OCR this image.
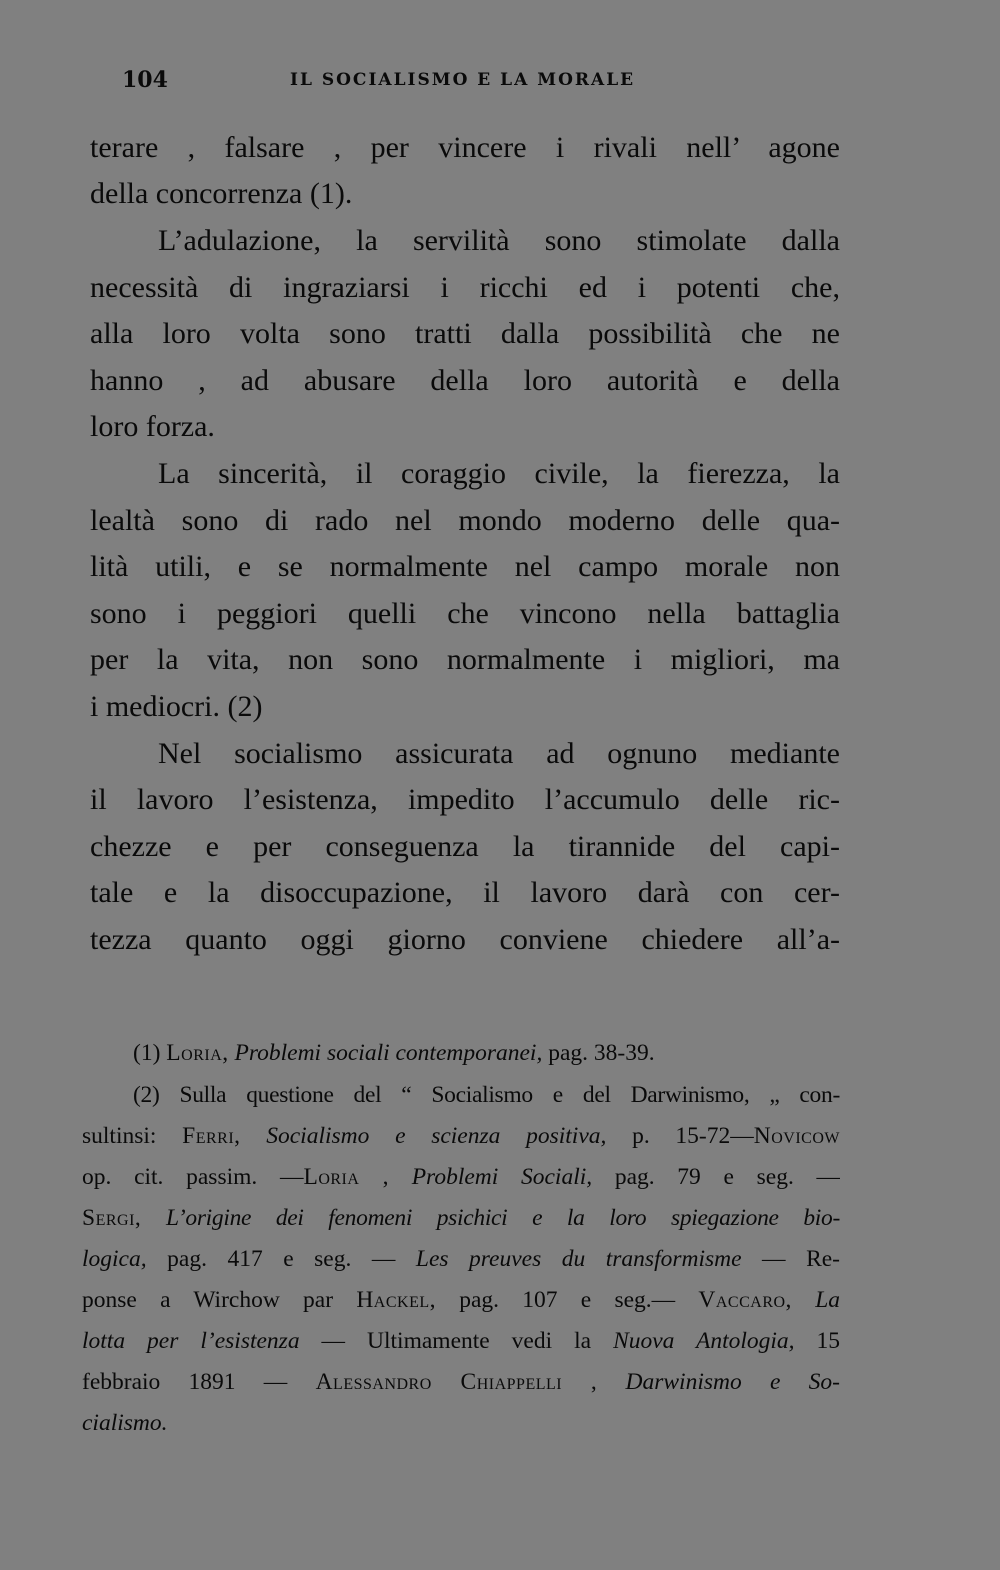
104	IL SOCIALISMO E LA MORALE
terare , falsare , per vincere i rivali nell’ agone
della concorrenza (1).
L’adulazione, la servilità sono stimolate dalla
necessità di ingraziarsi i ricchi ed i potenti che,
alla loro volta sono tratti dalla possibilità che ne
hanno , ad abusare della loro autorità e della
loro forza.
La sincerità, il coraggio civile, la fierezza, la
lealtà sono di rado nel mondo moderno delle qua-
lità utili, e se normalmente nel campo morale non
sono i peggiori quelli che vincono nella battaglia
per la vita, non sono normalmente i migliori, ma
i mediocri. (2)
Nel socialismo assicurata ad ognuno mediante
il lavoro l’esistenza, impedito l’accumulo delle ric-
chezze e per conseguenza la tirannide del capi-
tale e la disoccupazione, il lavoro darà con cer-
tezza quanto oggi giorno conviene chiedere all’a-
(1) Loria, Problemi sociali contemporanei, pag. 38-39.
(2) Sulla questione del “ Socialismo e del Darwinismo, „ con-
sultinsi: Ferri, Socialismo e scienza positiva, p. 15-72—Novicow
op. cit. passim. —Loria , Problemi Sociali, pag. 79 e seg. —
Sergi, L’origine dei fenomeni psichici e la loro spiegazione bio-
logica, pag. 417 e seg. — Les preuves du transformisme — Re-
ponse a Wirchow par Hackel, pag. 107 e seg.— Vaccaro, La
lotta per l’esistenza — Ultimamente vedi la Nuova Antologia, 15
febbraio 1891 — Alessandro Chiappelli , Darwinismo e So-
cialismo.
